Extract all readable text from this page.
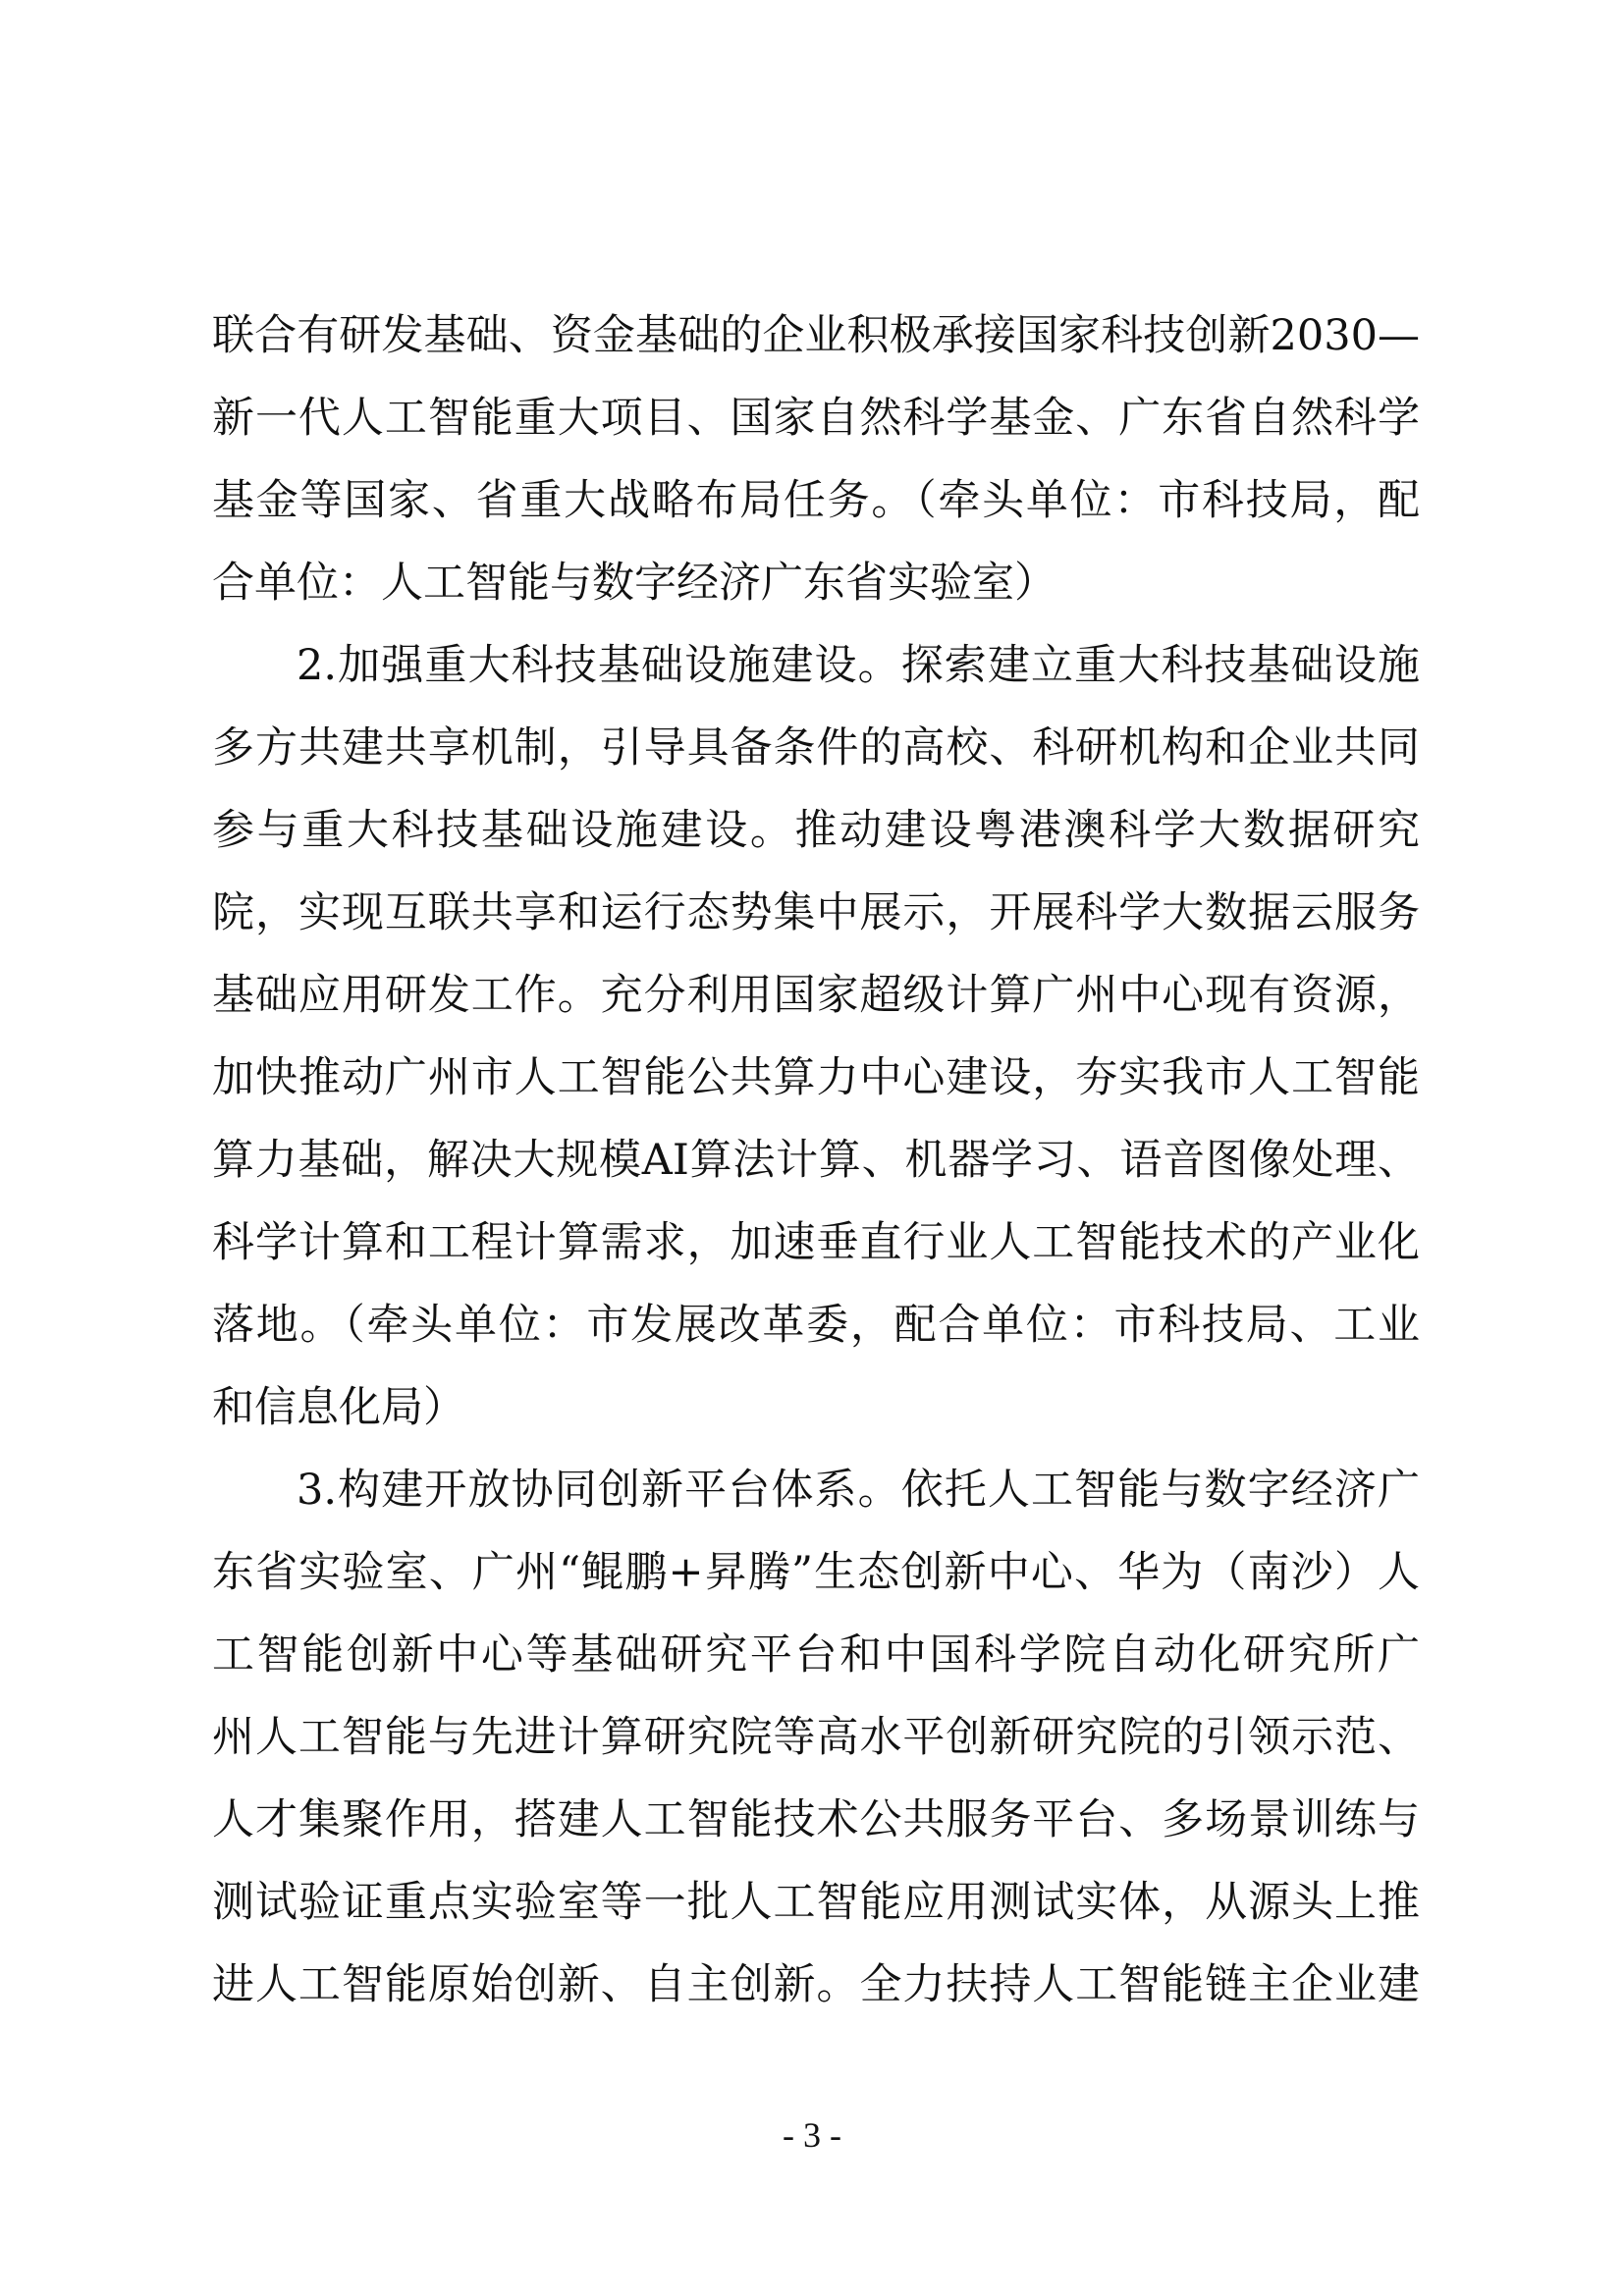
联合有研发基础、资金基础的企业积极承接国家科技创新2030—
新一代人工智能重大项目、国家自然科学基金、广东省自然科学
基金等国家、省重大战略布局任务。（牵头单位：市科技局，配
合单位：人工智能与数字经济广东省实验室）
2.加强重大科技基础设施建设。探索建立重大科技基础设施
多方共建共享机制，引导具备条件的高校、科研机构和企业共同
参与重大科技基础设施建设。推动建设粤港澳科学大数据研究
院，实现互联共享和运行态势集中展示，开展科学大数据云服务
基础应用研发工作。充分利用国家超级计算广州中心现有资源，
加快推动广州市人工智能公共算力中心建设，夯实我市人工智能
算力基础，解决大规模AI算法计算、机器学习、语音图像处理、
科学计算和工程计算需求，加速垂直行业人工智能技术的产业化
落地。（牵头单位：市发展改革委，配合单位：市科技局、工业
和信息化局）
3.构建开放协同创新平台体系。依托人工智能与数字经济广
东省实验室、广州“鲲鹏+昇腾”生态创新中心、华为（南沙）人
工智能创新中心等基础研究平台和中国科学院自动化研究所广
州人工智能与先进计算研究院等高水平创新研究院的引领示范、
人才集聚作用，搭建人工智能技术公共服务平台、多场景训练与
测试验证重点实验室等一批人工智能应用测试实体，从源头上推
进人工智能原始创新、自主创新。全力扶持人工智能链主企业建
- 3 -
